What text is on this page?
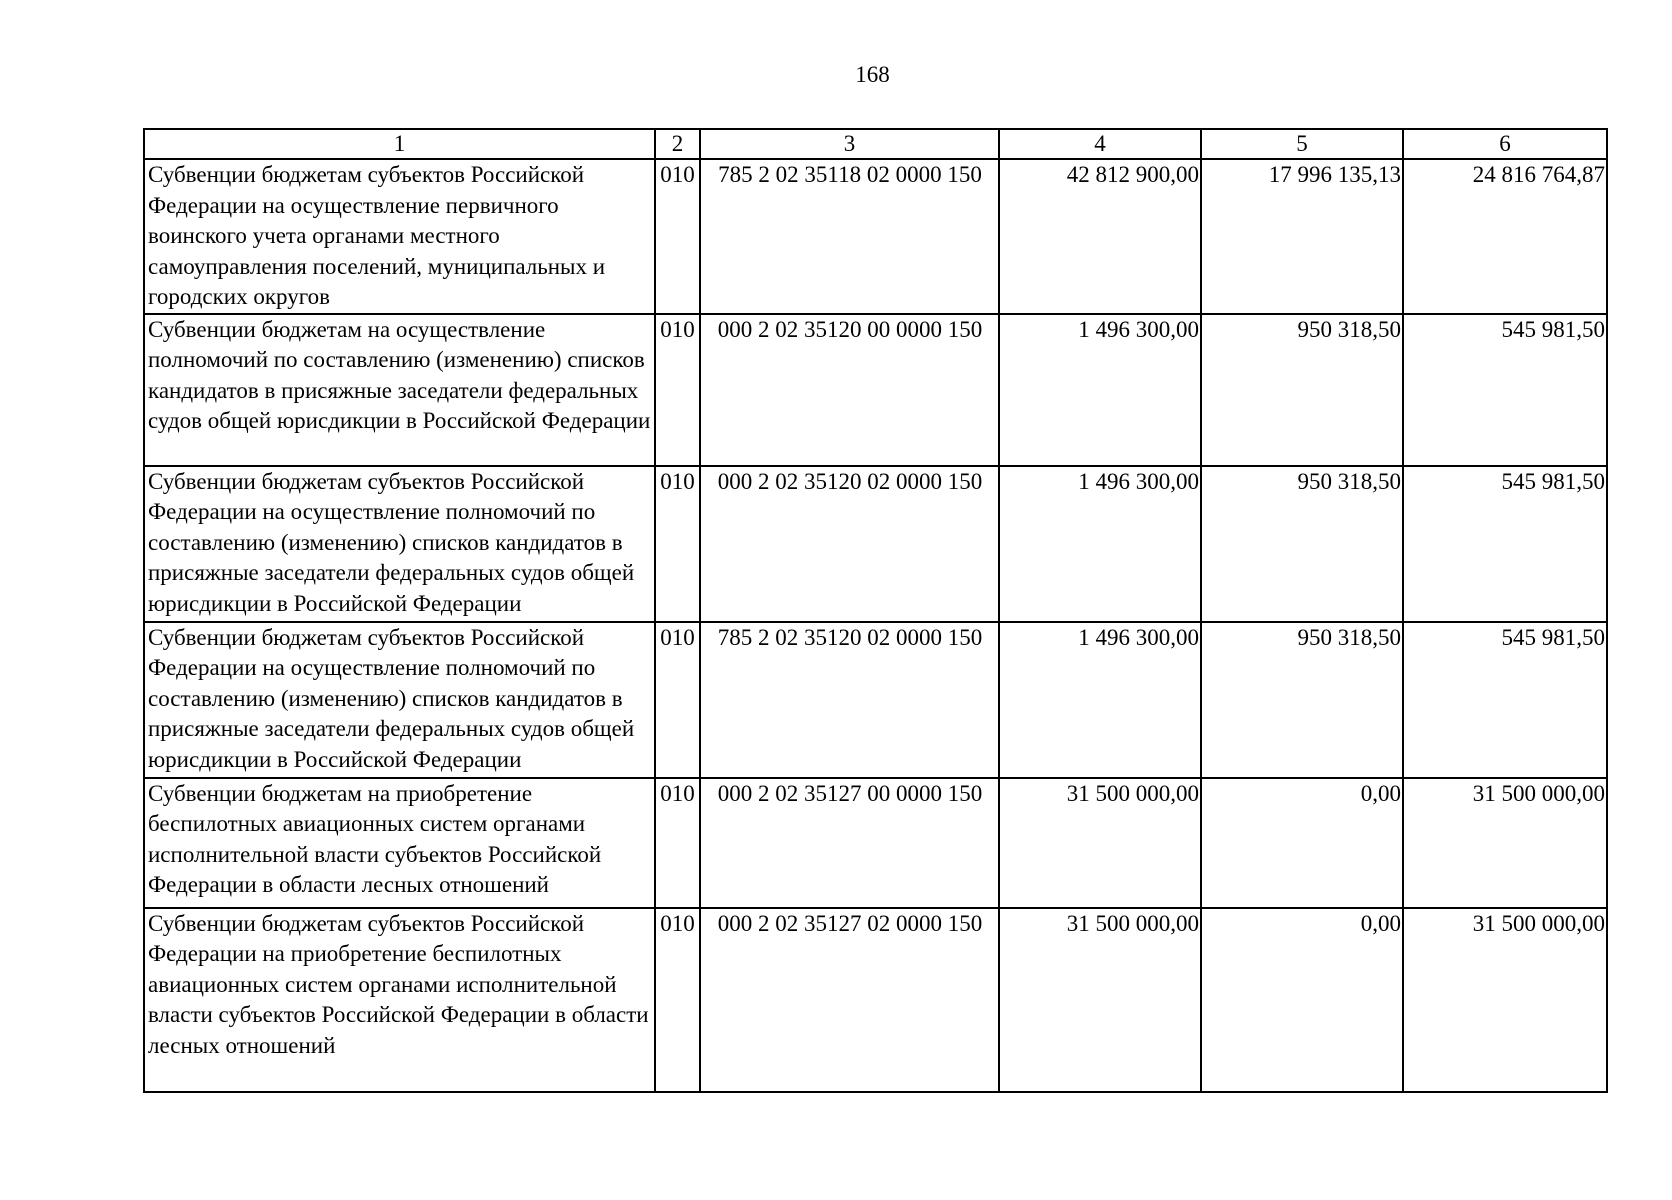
168
1	2	3	4	5	6
Субвенции бюджетам субъектов Российской Федерации на осуществление первичного воинского учета органами местного самоуправления поселений, муниципальных и городских округов	010	785 2 02 35118 02 0000 150	42 812 900,00	17 996 135,13	24 816 764,87
Субвенции бюджетам на осуществление полномочий по составлению (изменению) списков кандидатов в присяжные заседатели федеральных судов общей юрисдикции в Российской Федерации	010	000 2 02 35120 00 0000 150	1 496 300,00	950 318,50	545 981,50
Субвенции бюджетам субъектов Российской Федерации на осуществление полномочий по составлению (изменению) списков кандидатов в присяжные заседатели федеральных судов общей юрисдикции в Российской Федерации	010	000 2 02 35120 02 0000 150	1 496 300,00	950 318,50	545 981,50
Субвенции бюджетам субъектов Российской Федерации на осуществление полномочий по составлению (изменению) списков кандидатов в присяжные заседатели федеральных судов общей юрисдикции в Российской Федерации	010	785 2 02 35120 02 0000 150	1 496 300,00	950 318,50	545 981,50
Субвенции бюджетам на приобретение беспилотных авиационных систем органами исполнительной власти субъектов Российской Федерации в области лесных отношений	010	000 2 02 35127 00 0000 150	31 500 000,00	0,00	31 500 000,00
Субвенции бюджетам субъектов Российской Федерации на приобретение беспилотных авиационных систем органами исполнительной власти субъектов Российской Федерации в области лесных отношений	010	000 2 02 35127 02 0000 150	31 500 000,00	0,00	31 500 000,00
